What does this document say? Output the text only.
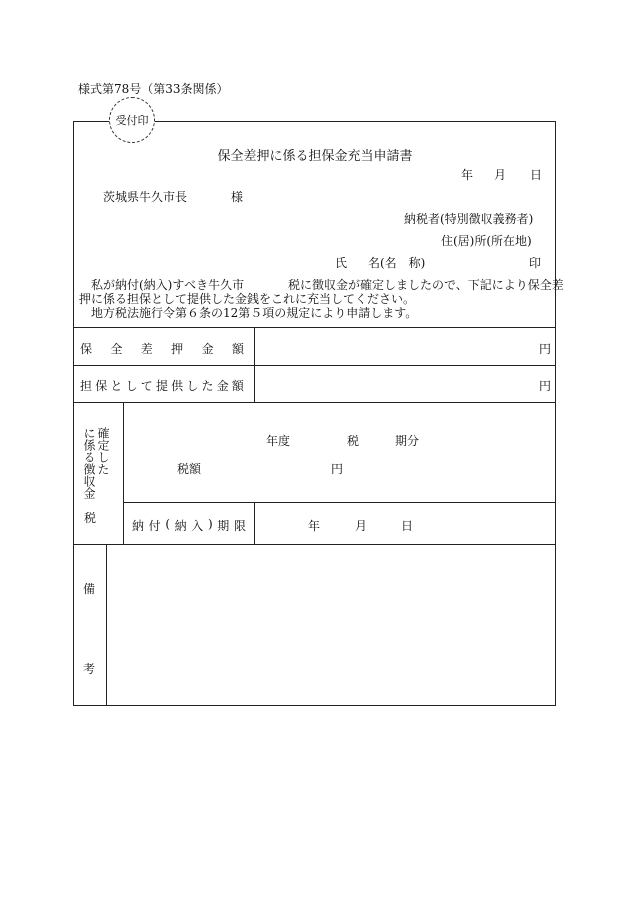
様式第78号（第33条関係）
受付印
保全差押に係る担保金充当申請書
年 月 日
茨城県牛久市長	様
納税者(特別徴収義務者)
住(居)所(所在地)
氏 名(名　称)	印
私が納付(納入)すべき牛久市	税に徴収金が確定しましたので、下記により保全差
押に係る担保として提供した金銭をこれに充当してください。
地方税法施行令第６条の12第５項の規定により申請します。
保 全 差 押 金 額	円
担 保 と し て 提 供 し た 金 額	円
確定した
に係る徴収金
税
年度	税	期分
税額	円
納 付 ( 納 入 ) 期 限	年	月	日
備
考
